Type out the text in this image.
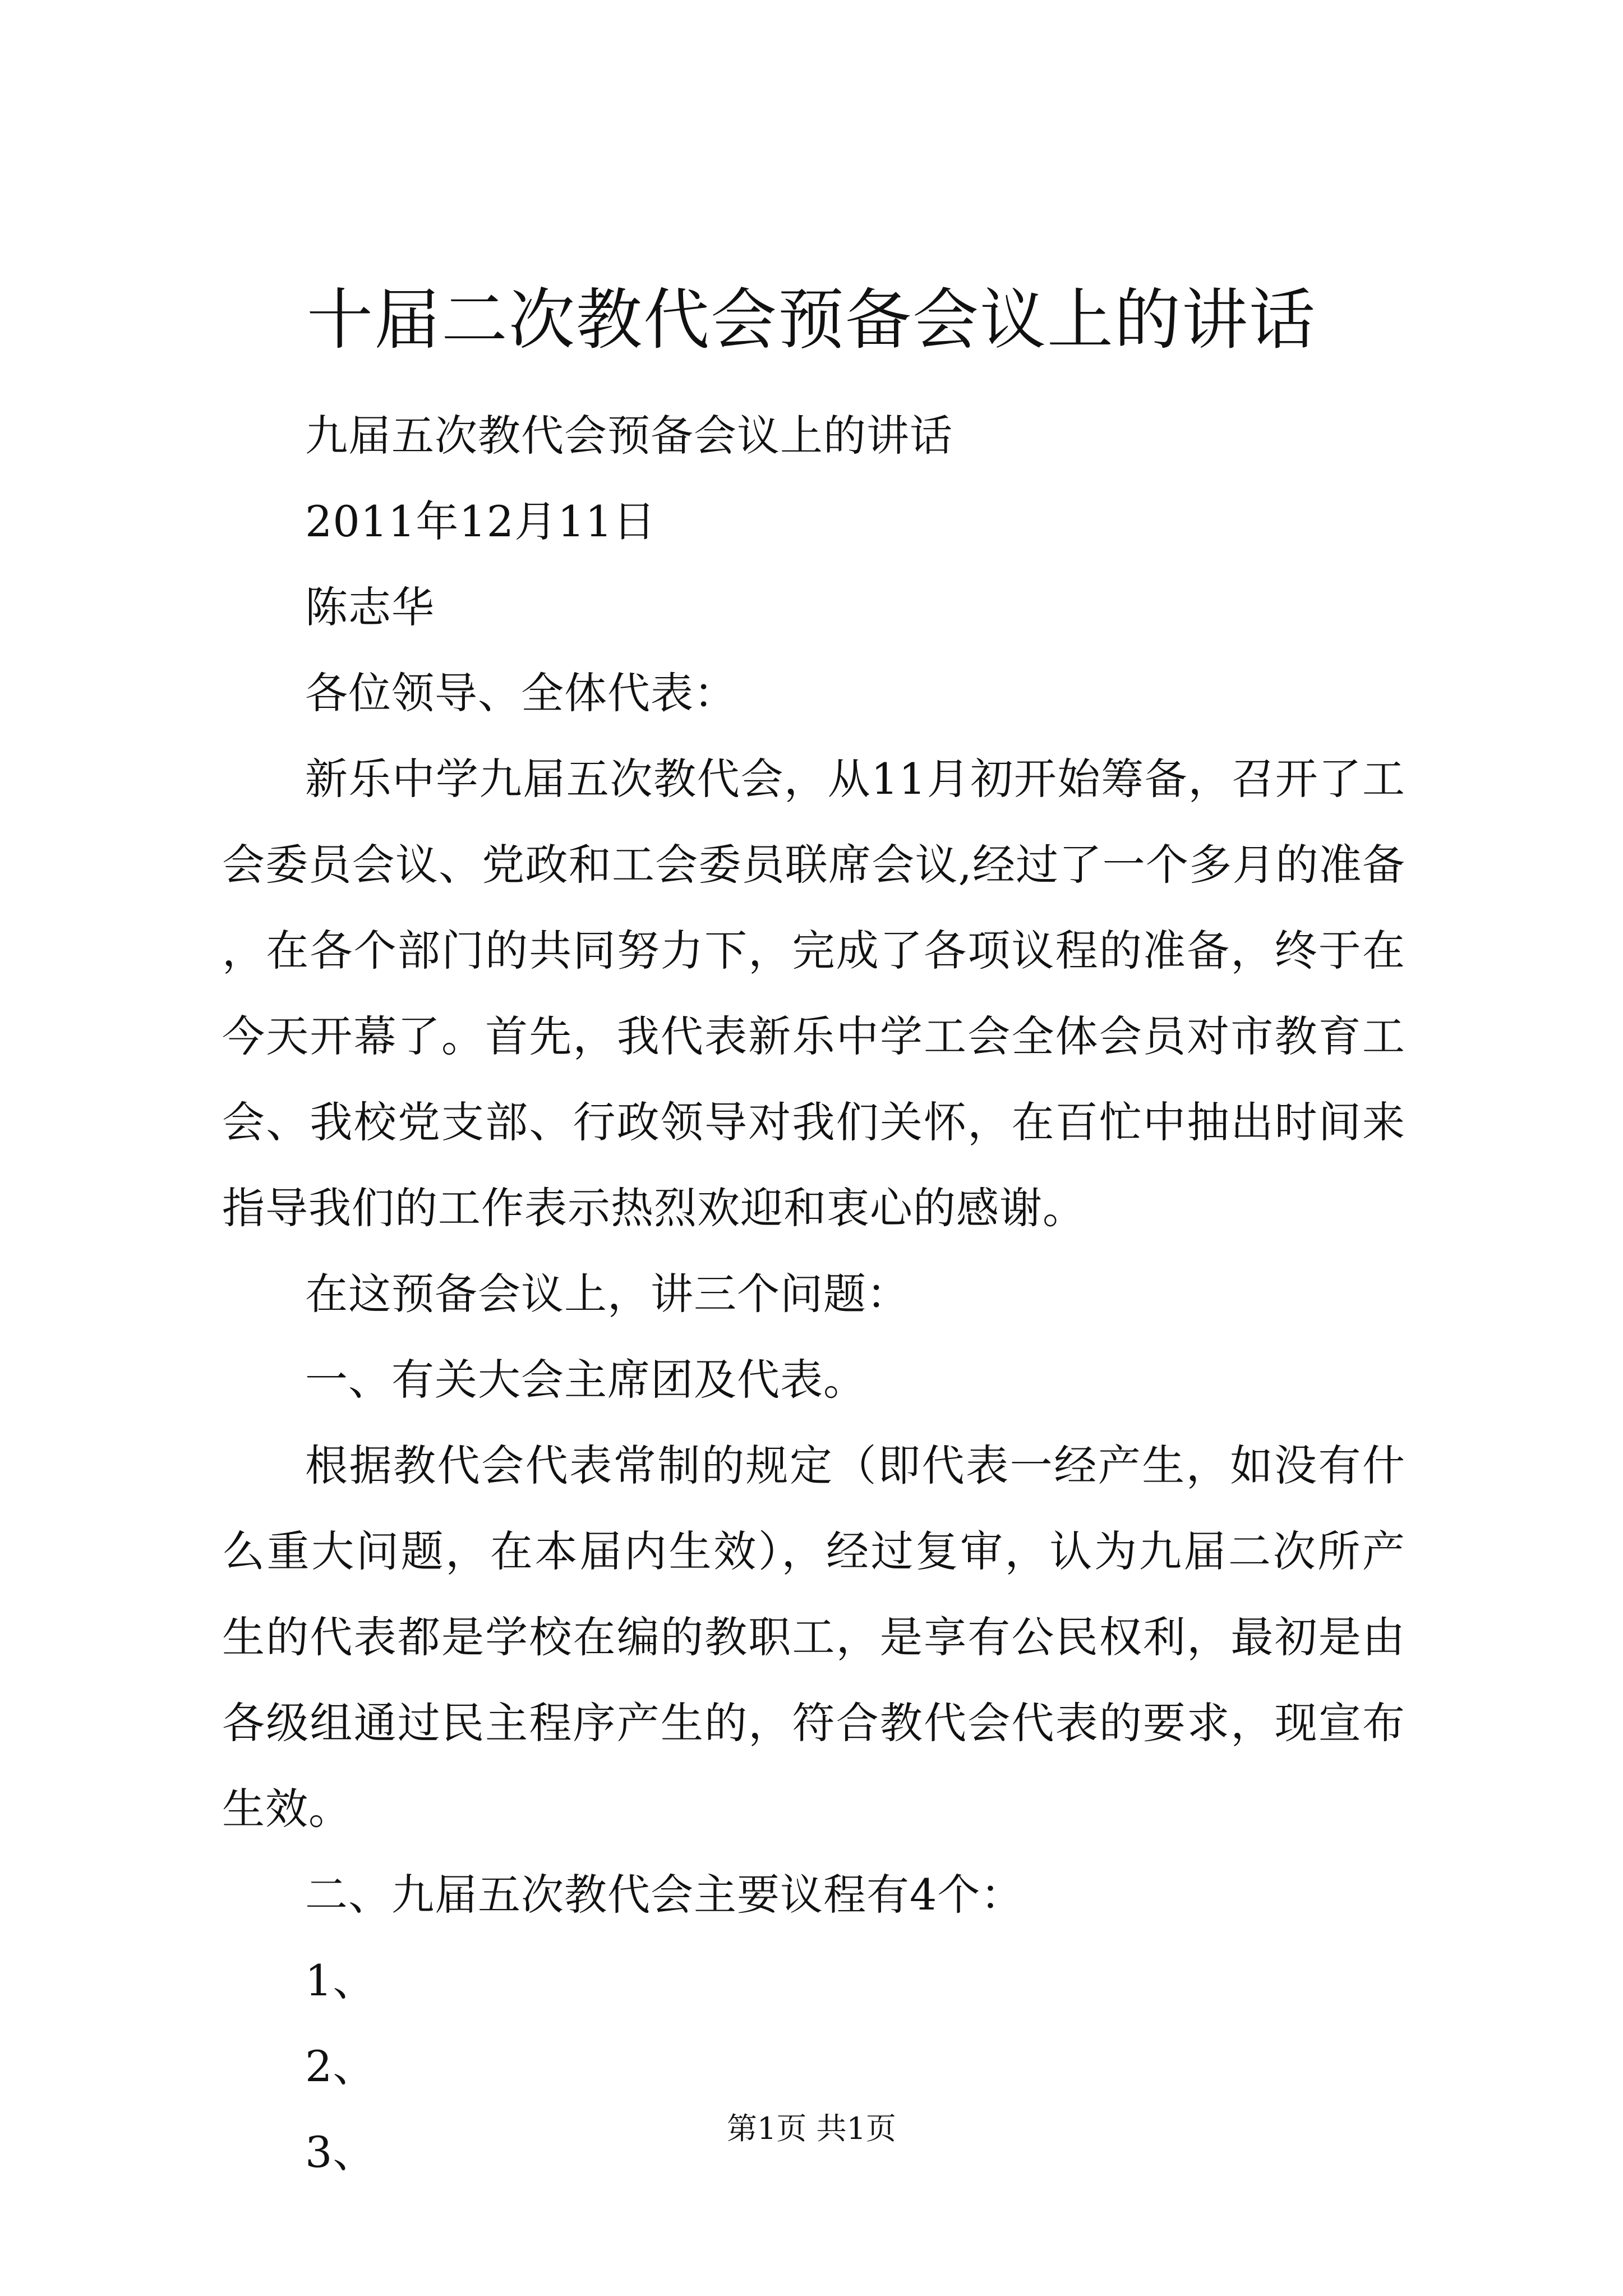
十届二次教代会预备会议上的讲话

九届五次教代会预备会议上的讲话

2011年12月11日

陈志华

各位领导、全体代表：

新乐中学九届五次教代会，从11月初开始筹备，召开了工会委员会议、党政和工会委员联席会议,经过了一个多月的准备，在各个部门的共同努力下，完成了各项议程的准备，终于在今天开幕了。首先，我代表新乐中学工会全体会员对市教育工会、我校党支部、行政领导对我们关怀，在百忙中抽出时间来指导我们的工作表示热烈欢迎和衷心的感谢。

在这预备会议上，讲三个问题：

一、有关大会主席团及代表。

根据教代会代表常制的规定（即代表一经产生，如没有什么重大问题，在本届内生效），经过复审，认为九届二次所产生的代表都是学校在编的教职工，是享有公民权利，最初是由各级组通过民主程序产生的，符合教代会代表的要求，现宣布生效。

二、九届五次教代会主要议程有4个：

1、

2、

3、	第1页 共1页
